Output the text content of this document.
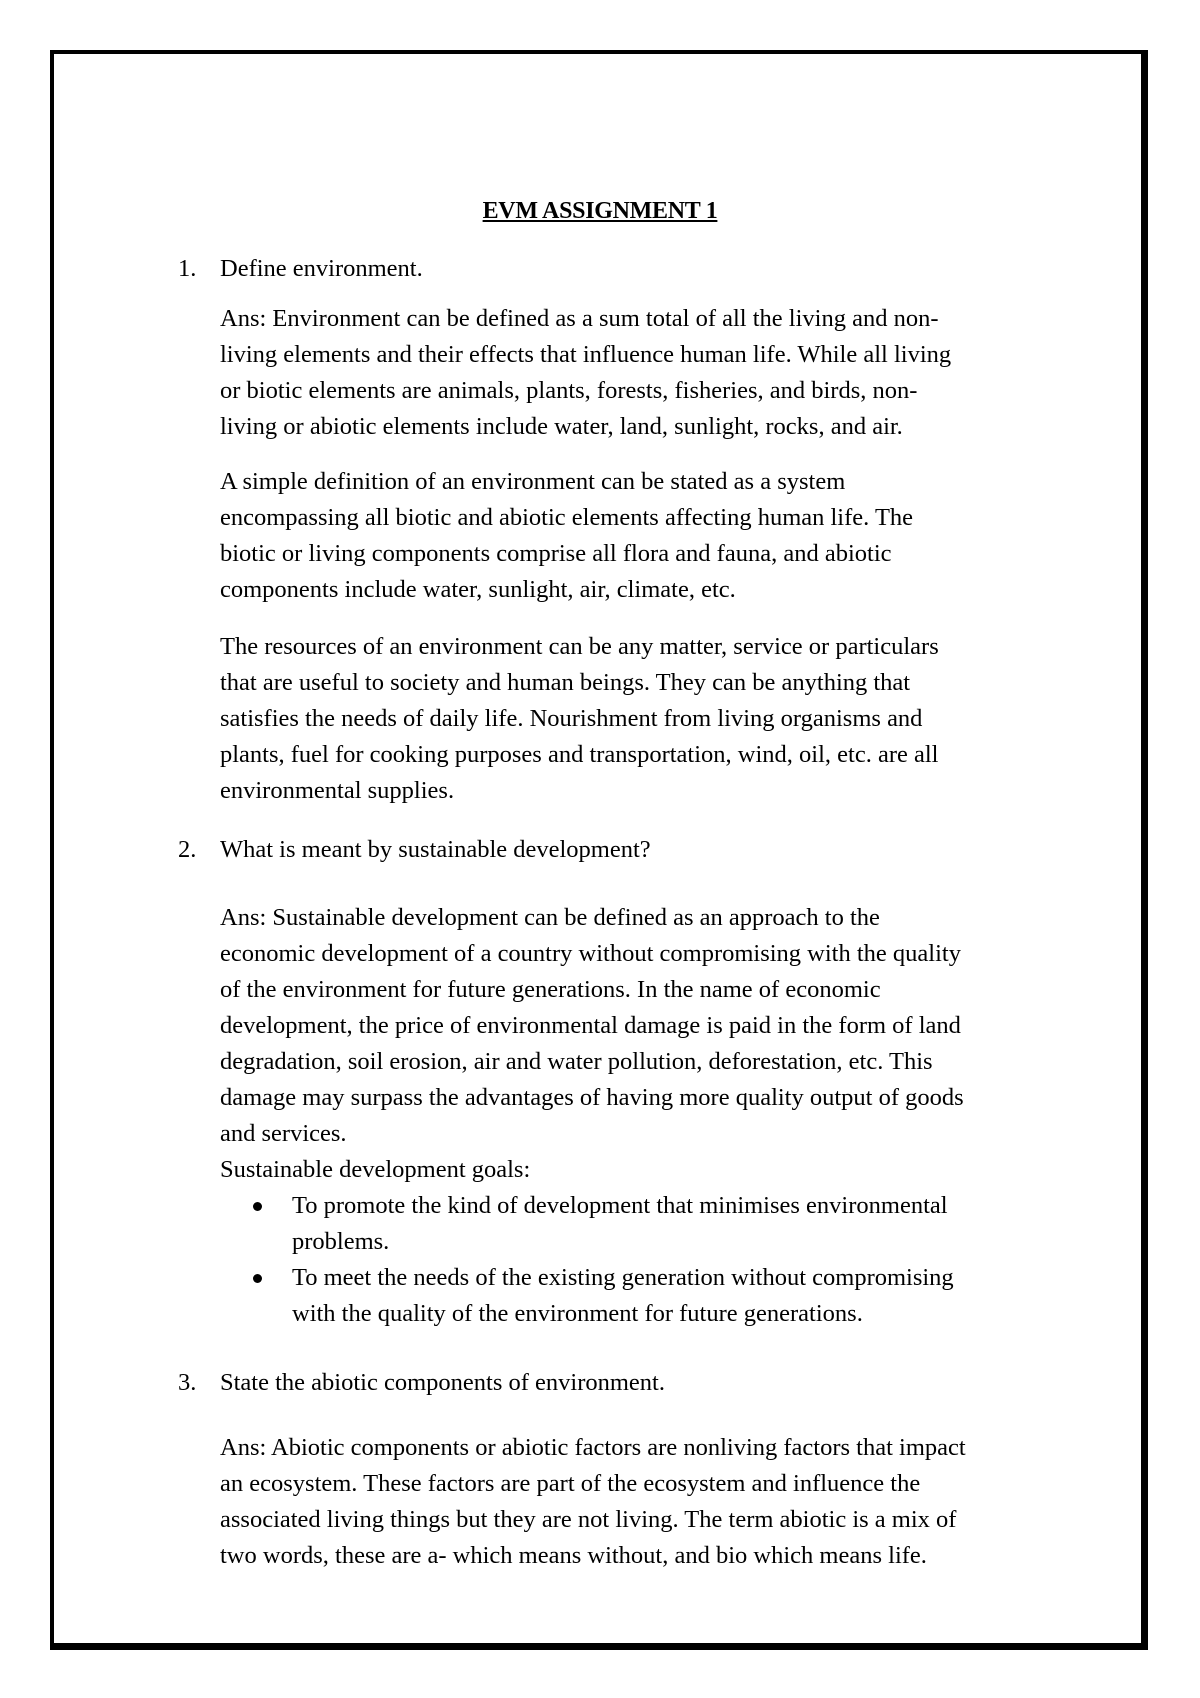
EVM ASSIGNMENT 1
1. Define environment.

Ans: Environment can be defined as a sum total of all the living and non-
living elements and their effects that influence human life. While all living
or biotic elements are animals, plants, forests, fisheries, and birds, non-
living or abiotic elements include water, land, sunlight, rocks, and air.

A simple definition of an environment can be stated as a system
encompassing all biotic and abiotic elements affecting human life. The
biotic or living components comprise all flora and fauna, and abiotic
components include water, sunlight, air, climate, etc.

The resources of an environment can be any matter, service or particulars
that are useful to society and human beings. They can be anything that
satisfies the needs of daily life. Nourishment from living organisms and
plants, fuel for cooking purposes and transportation, wind, oil, etc. are all
environmental supplies.

2. What is meant by sustainable development?

Ans: Sustainable development can be defined as an approach to the
economic development of a country without compromising with the quality
of the environment for future generations. In the name of economic
development, the price of environmental damage is paid in the form of land
degradation, soil erosion, air and water pollution, deforestation, etc. This
damage may surpass the advantages of having more quality output of goods
and services.
Sustainable development goals:

To promote the kind of development that minimises environmental
problems.
To meet the needs of the existing generation without compromising
with the quality of the environment for future generations.
3. State the abiotic components of environment.

Ans: Abiotic components or abiotic factors are nonliving factors that impact
an ecosystem. These factors are part of the ecosystem and influence the
associated living things but they are not living. The term abiotic is a mix of
two words, these are a- which means without, and bio which means life.
